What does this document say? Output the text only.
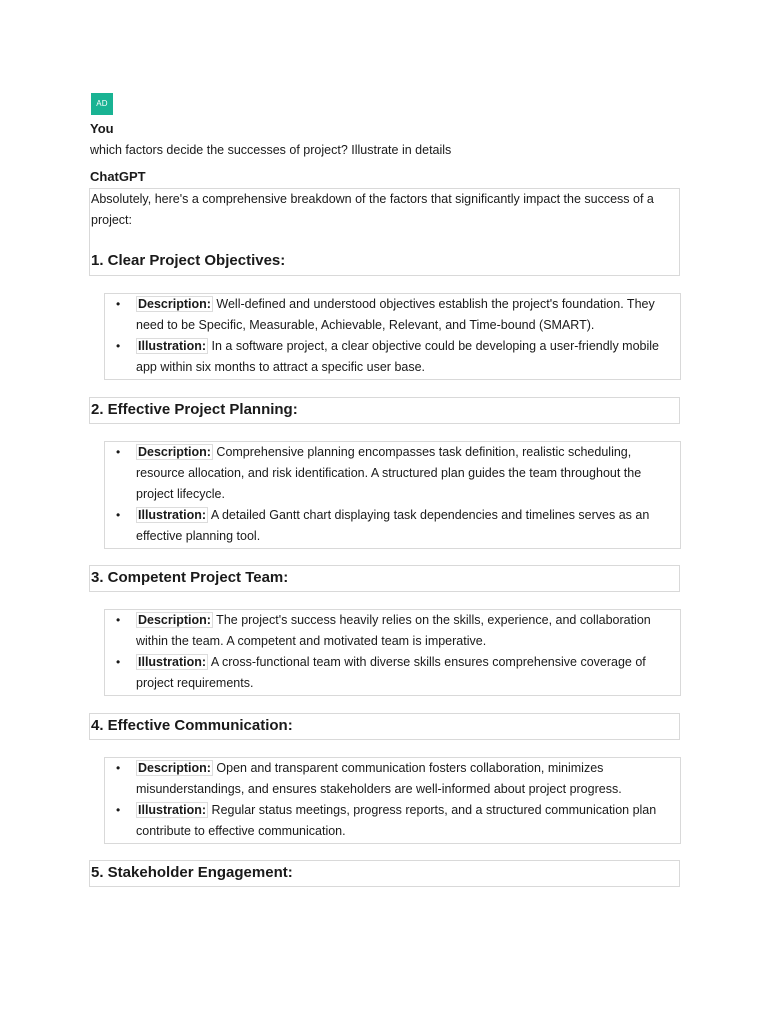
AD
You
which factors decide the successes of project? Illustrate in details
ChatGPT
Absolutely, here's a comprehensive breakdown of the factors that significantly impact the success of a project:
1. Clear Project Objectives:
• Description: Well-defined and understood objectives establish the project's foundation. They need to be Specific, Measurable, Achievable, Relevant, and Time-bound (SMART).
• Illustration: In a software project, a clear objective could be developing a user-friendly mobile app within six months to attract a specific user base.
2. Effective Project Planning:
• Description: Comprehensive planning encompasses task definition, realistic scheduling, resource allocation, and risk identification. A structured plan guides the team throughout the project lifecycle.
• Illustration: A detailed Gantt chart displaying task dependencies and timelines serves as an effective planning tool.
3. Competent Project Team:
• Description: The project's success heavily relies on the skills, experience, and collaboration within the team. A competent and motivated team is imperative.
• Illustration: A cross-functional team with diverse skills ensures comprehensive coverage of project requirements.
4. Effective Communication:
• Description: Open and transparent communication fosters collaboration, minimizes misunderstandings, and ensures stakeholders are well-informed about project progress.
• Illustration: Regular status meetings, progress reports, and a structured communication plan contribute to effective communication.
5. Stakeholder Engagement:
